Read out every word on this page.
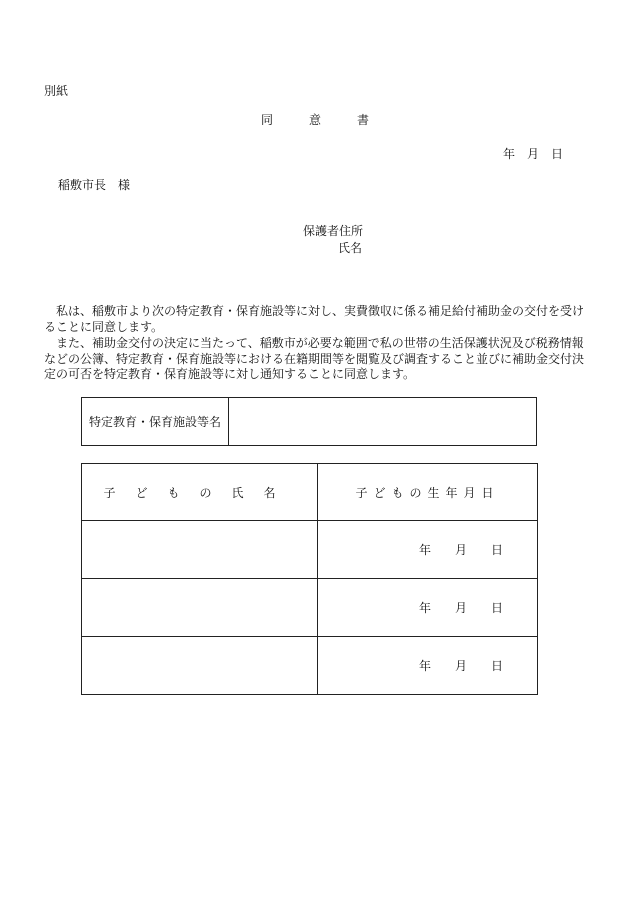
別紙
同意書
年　月　日
稲敷市長　様
保護者住所
氏名

私は、稲敷市より次の特定教育・保育施設等に対し、実費徴収に係る補足給付補助金の交付を受けることに同意します。

また、補助金交付の決定に当たって、稲敷市が必要な範囲で私の世帯の生活保護状況及び税務情報などの公簿、特定教育・保育施設等における在籍期間等を閲覧及び調査すること並びに補助金交付決定の可否を特定教育・保育施設等に対し通知することに同意します。

特定教育・保育施設等名
子どもの氏名	子どもの生年月日
	年 月 日
	年 月 日
	年 月 日
